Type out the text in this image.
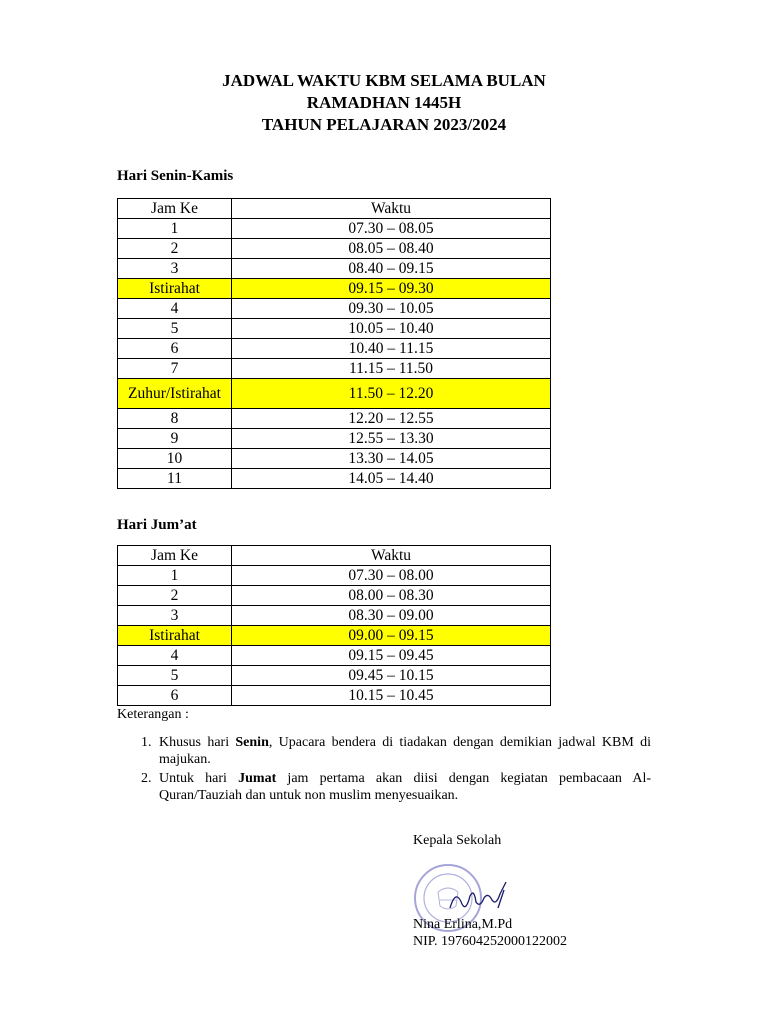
JADWAL WAKTU KBM SELAMA BULAN
RAMADHAN 1445H
TAHUN PELAJARAN 2023/2024
Hari Senin-Kamis
Jam Ke	Waktu
1	07.30 – 08.05
2	08.05 – 08.40
3	08.40 – 09.15
Istirahat	09.15 – 09.30
4	09.30 – 10.05
5	10.05 – 10.40
6	10.40 – 11.15
7	11.15 – 11.50
Zuhur/Istirahat	11.50 – 12.20
8	12.20 – 12.55
9	12.55 – 13.30
10	13.30 – 14.05
11	14.05 – 14.40
Hari Jum’at
Jam Ke	Waktu
1	07.30 – 08.00
2	08.00 – 08.30
3	08.30 – 09.00
Istirahat	09.00 – 09.15
4	09.15 – 09.45
5	09.45 – 10.15
6	10.15 – 10.45
Keterangan :
1. Khusus hari Senin, Upacara bendera di tiadakan dengan demikian jadwal KBM di majukan.
2. Untuk hari Jumat jam pertama akan diisi dengan kegiatan pembacaan Al-Quran/Tauziah dan untuk non muslim menyesuaikan.
Kepala Sekolah
Nina Erlina,M.Pd
NIP. 197604252000122002
